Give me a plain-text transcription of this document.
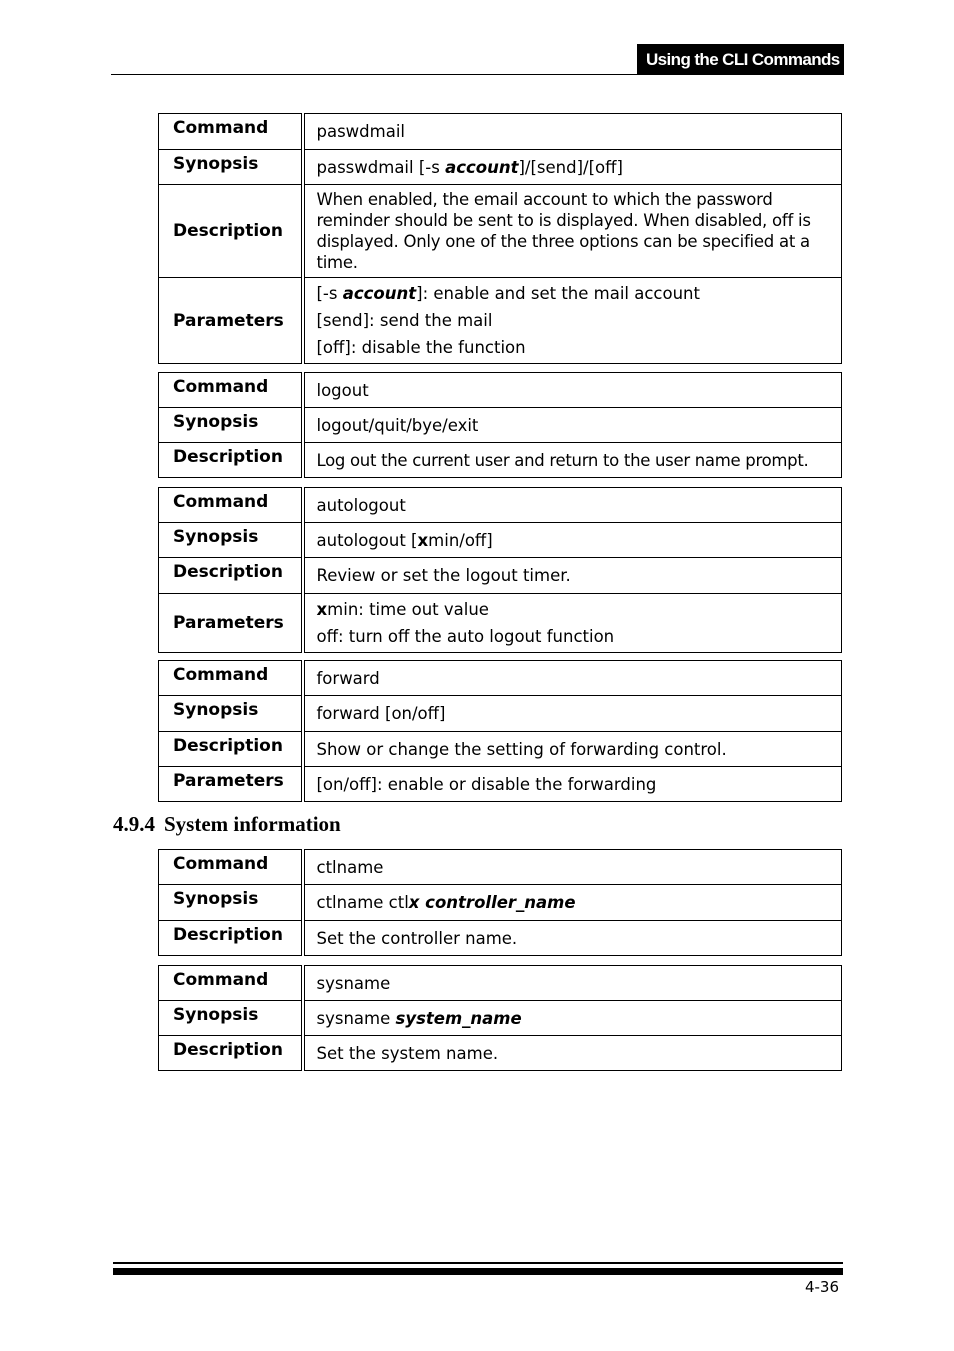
Using the CLI Commands
Command	paswdmail
Synopsis	passwdmail [-s account]/[send]/[off]
Description	When enabled, the email account to which the password reminder should be sent to is displayed. When disabled, off is displayed. Only one of the three options can be specified at a time.
Parameters	[-s account]: enable and set the mail account
[send]: send the mail
[off]: disable the function
Command	logout
Synopsis	logout/quit/bye/exit
Description	Log out the current user and return to the user name prompt.
Command	autologout
Synopsis	autologout [xmin/off]
Description	Review or set the logout timer.
Parameters	xmin: time out value
off: turn off the auto logout function
Command	forward
Synopsis	forward [on/off]
Description	Show or change the setting of forwarding control.
Parameters	[on/off]: enable or disable the forwarding
4.9.4 System information
Command	ctlname
Synopsis	ctlname ctlx controller_name
Description	Set the controller name.
Command	sysname
Synopsis	sysname system_name
Description	Set the system name.
4-36
